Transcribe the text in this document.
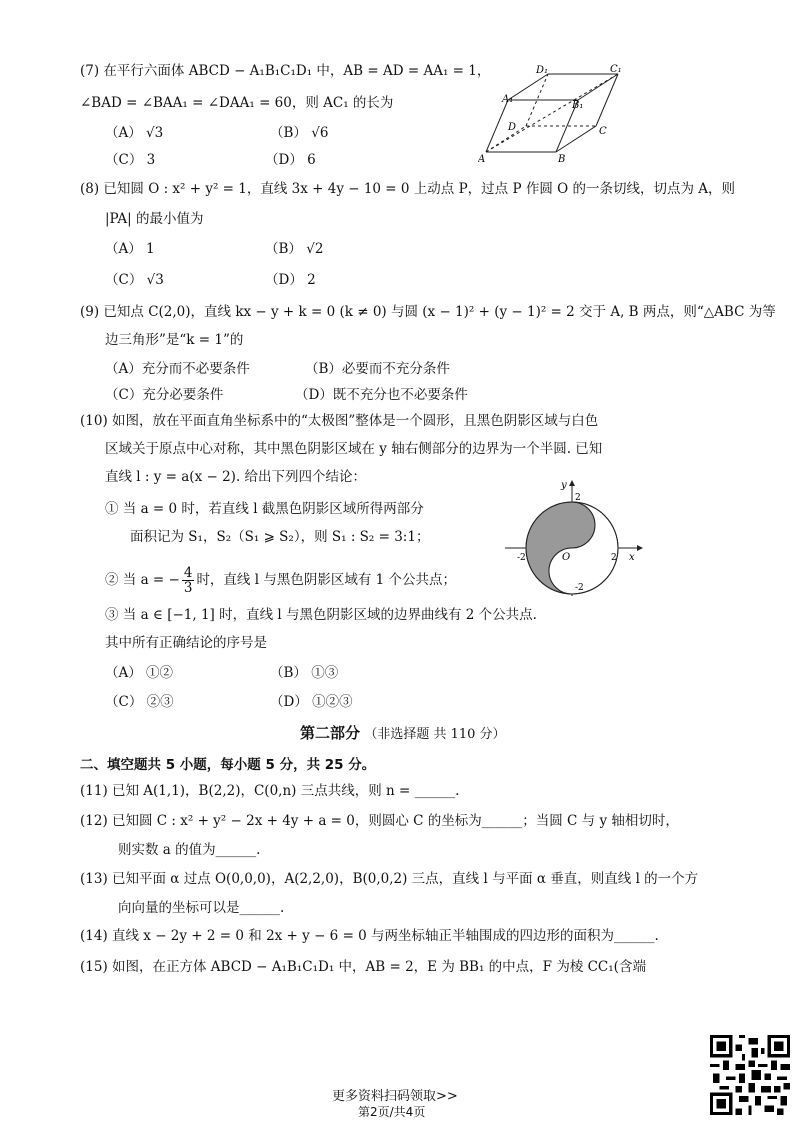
(7) 在平行六面体 ABCD − A₁B₁C₁D₁ 中，AB = AD = AA₁ = 1，
∠BAD = ∠BAA₁ = ∠DAA₁ = 60，则 AC₁ 的长为
（A） √3	（B） √6
（C） 3	（D） 6
D₁	C₁
A₁
B₁
D	C
A	B
(8) 已知圆 O : x² + y² = 1，直线 3x + 4y − 10 = 0 上动点 P，过点 P 作圆 O 的一条切线，切点为 A，则
|PA| 的最小值为
（A） 1	（B） √2
（C） √3	（D） 2
(9) 已知点 C(2,0)，直线 kx − y + k = 0 (k ≠ 0) 与圆 (x − 1)² + (y − 1)² = 2 交于 A, B 两点，则“△ABC 为等
边三角形”是“k = 1”的
（A）充分而不必要条件	（B）必要而不充分条件
（C）充分必要条件	（D）既不充分也不必要条件
(10) 如图，放在平面直角坐标系中的“太极图”整体是一个圆形，且黑色阴影区域与白色
区域关于原点中心对称，其中黑色阴影区域在 y 轴右侧部分的边界为一个半圆. 已知
直线 l : y = a(x − 2). 给出下列四个结论：
① 当 a = 0 时，若直线 l 截黑色阴影区域所得两部分
面积记为 S₁，S₂（S₁ ⩾ S₂），则 S₁ : S₂ = 3:1；
② 当 a = − $\frac{4}{3}$ 时，直线 l 与黑色阴影区域有 1 个公共点；
③ 当 a ∈ [−1, 1] 时，直线 l 与黑色阴影区域的边界曲线有 2 个公共点.
其中所有正确结论的序号是
（A） ①②	（B） ①③
（C） ②③	（D） ①②③
y
x
O
2
-2	2
-2
第二部分 （非选择题 共 110 分）
二、填空题共 5 小题，每小题 5 分，共 25 分。
(11) 已知 A(1,1)，B(2,2)，C(0,n) 三点共线，则 n = ______.
(12) 已知圆 C : x² + y² − 2x + 4y + a = 0，则圆心 C 的坐标为______；当圆 C 与 y 轴相切时，
则实数 a 的值为______.
(13) 已知平面 α 过点 O(0,0,0)，A(2,2,0)，B(0,0,2) 三点，直线 l 与平面 α 垂直，则直线 l 的一个方
向向量的坐标可以是______.
(14) 直线 x − 2y + 2 = 0 和 2x + y − 6 = 0 与两坐标轴正半轴围成的四边形的面积为______.
(15) 如图，在正方体 ABCD − A₁B₁C₁D₁ 中，AB = 2，E 为 BB₁ 的中点，F 为棱 CC₁(含端
更多资料扫码领取>>
第2页/共4页
